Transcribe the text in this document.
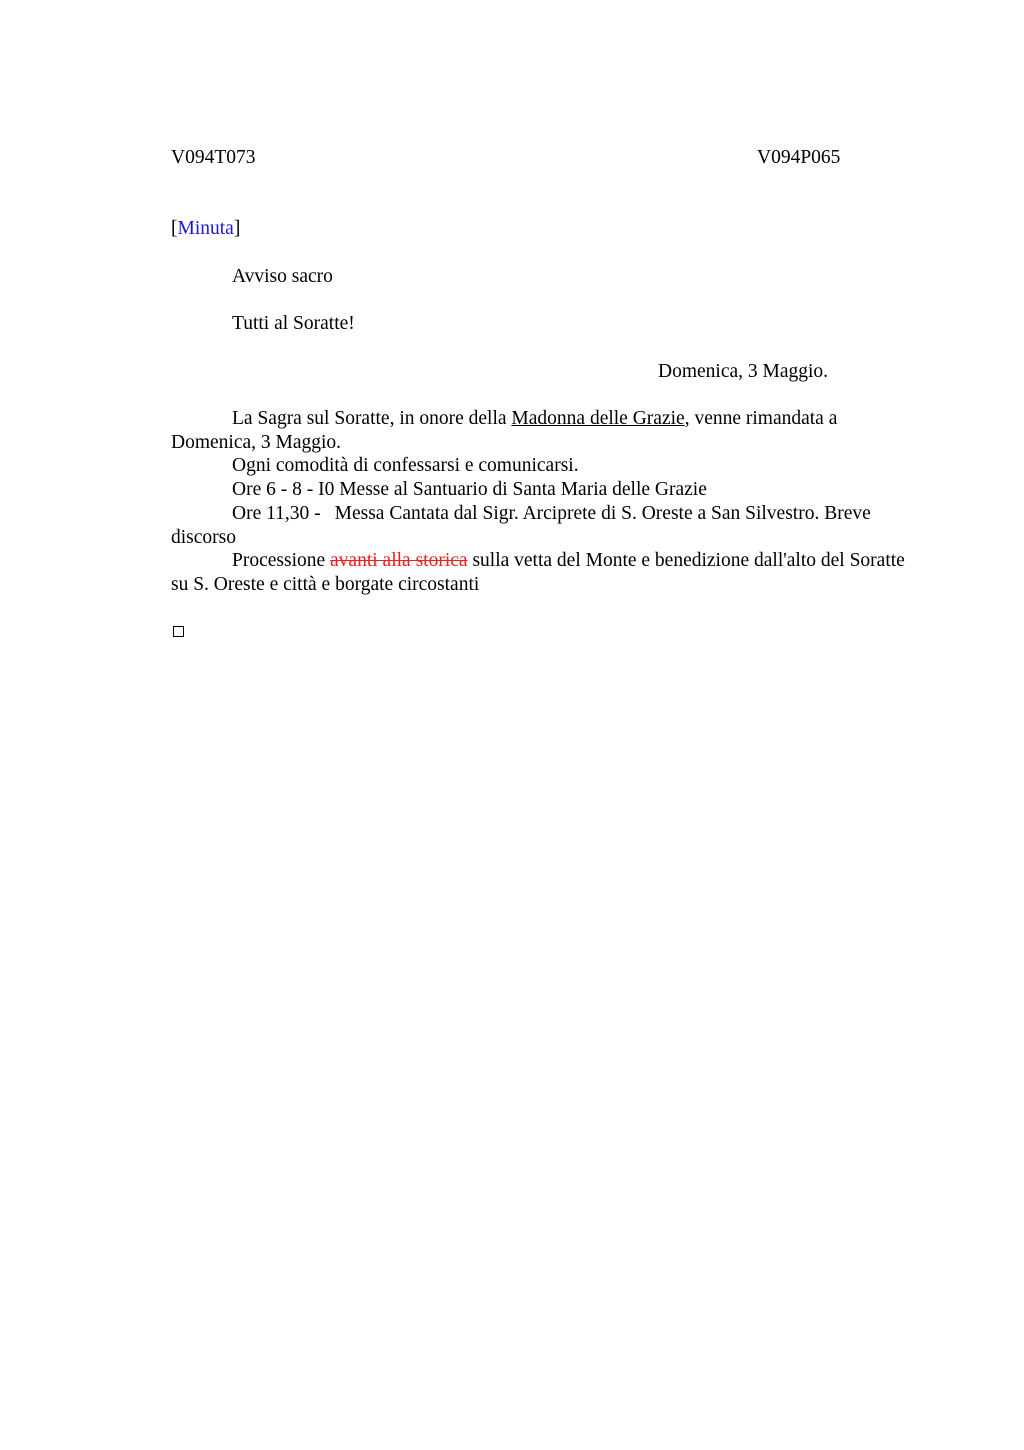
V094T073	V094P065
[Minuta]
Avviso sacro
Tutti al Soratte!
Domenica, 3 Maggio.

La Sagra sul Soratte, in onore della Madonna delle Grazie, venne rimandata a Domenica, 3 Maggio.

Ogni comodità di confessarsi e comunicarsi.

Ore 6 - 8 - I0 Messe al Santuario di Santa Maria delle Grazie

Ore 11,30 - Messa Cantata dal Sigr. Arciprete di S. Oreste a San Silvestro. Breve discorso

Processione avanti alla storica sulla vetta del Monte e benedizione dall'alto del Soratte su S. Oreste e città e borgate circostanti
